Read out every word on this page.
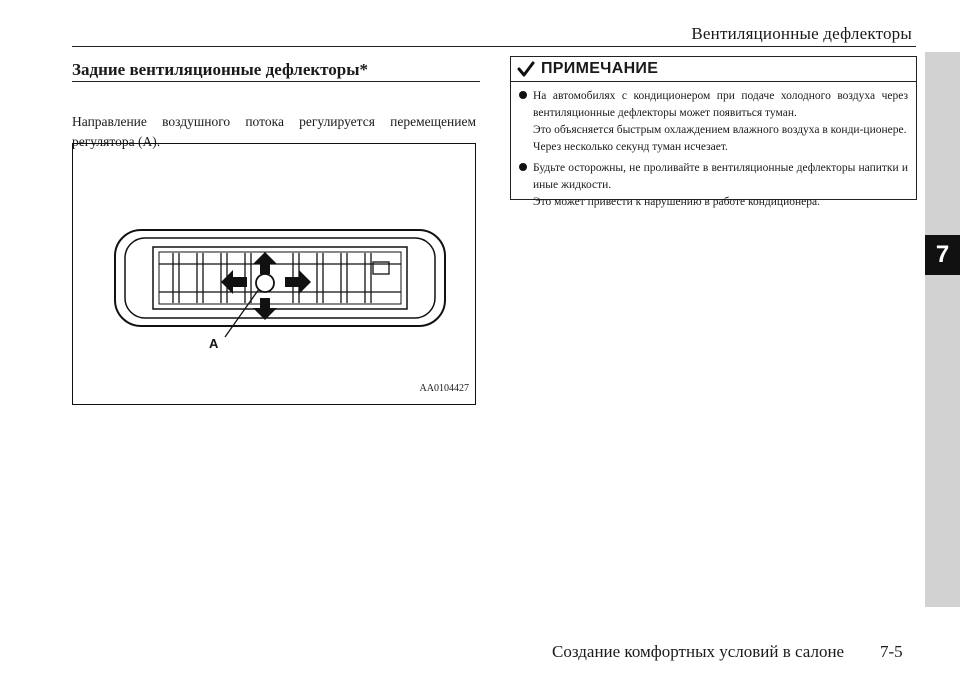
Вентиляционные дефлекторы
7
Задние вентиляционные дефлекторы*

Направление воздушного потока регулируется перемещением регулятора (A).

A
AA0104427
ПРИМЕЧАНИЕ

На автомобилях с кондиционером при подаче холодного воздуха через вентиляционные дефлекторы может появиться туман.

Это объясняется быстрым охлаждением влажного воздуха в конди-ционере. Через несколько секунд туман исчезает.

Будьте осторожны, не проливайте в вентиляционные дефлекторы напитки и иные жидкости.

Это может привести к нарушению в работе кондиционера.

Создание комфортных условий в салоне 7-5
